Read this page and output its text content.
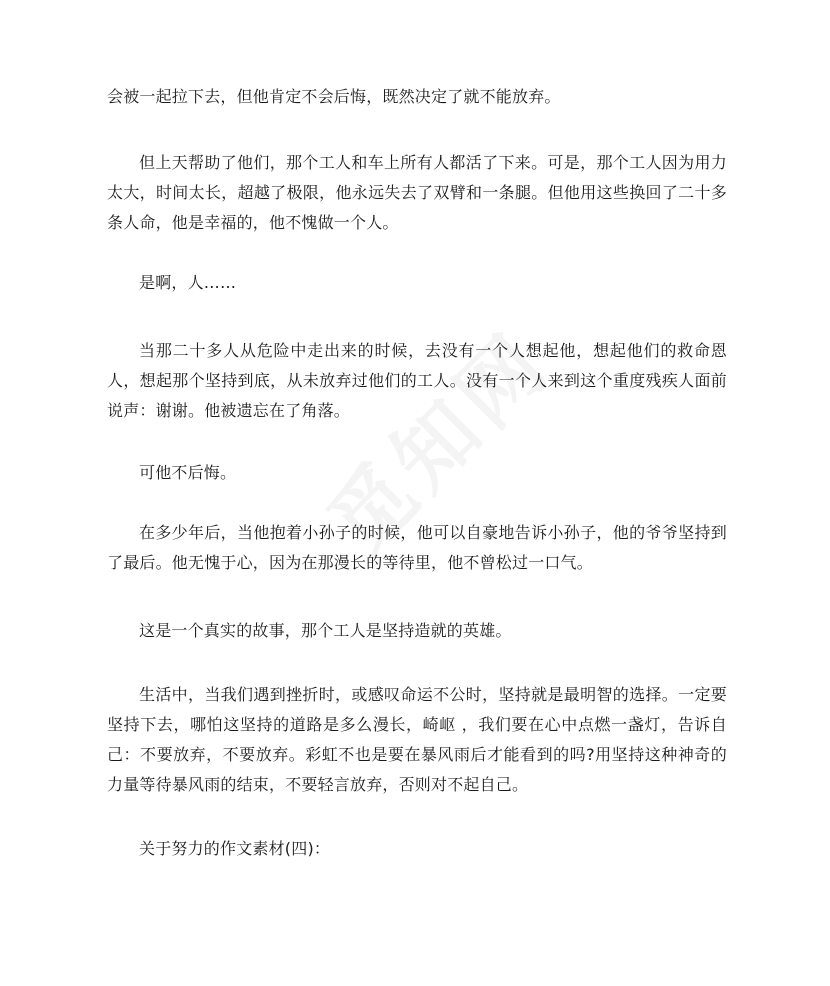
会被一起拉下去，但他肯定不会后悔，既然决定了就不能放弃。

但上天帮助了他们，那个工人和车上所有人都活了下来。可是，那个工人因为用力太大，时间太长，超越了极限，他永远失去了双臂和一条腿。但他用这些换回了二十多条人命，他是幸福的，他不愧做一个人。

是啊，人……

当那二十多人从危险中走出来的时候，去没有一个人想起他，想起他们的救命恩人，想起那个坚持到底，从未放弃过他们的工人。没有一个人来到这个重度残疾人面前说声：谢谢。他被遗忘在了角落。

可他不后悔。

在多少年后，当他抱着小孙子的时候，他可以自豪地告诉小孙子，他的爷爷坚持到了最后。他无愧于心，因为在那漫长的等待里，他不曾松过一口气。

这是一个真实的故事，那个工人是坚持造就的英雄。

生活中，当我们遇到挫折时，或感叹命运不公时，坚持就是最明智的选择。一定要坚持下去，哪怕这坚持的道路是多么漫长，崎岖 ，我们要在心中点燃一盏灯，告诉自己：不要放弃，不要放弃。彩虹不也是要在暴风雨后才能看到的吗?用坚持这种神奇的力量等待暴风雨的结束，不要轻言放弃，否则对不起自己。

关于努力的作文素材(四)：
